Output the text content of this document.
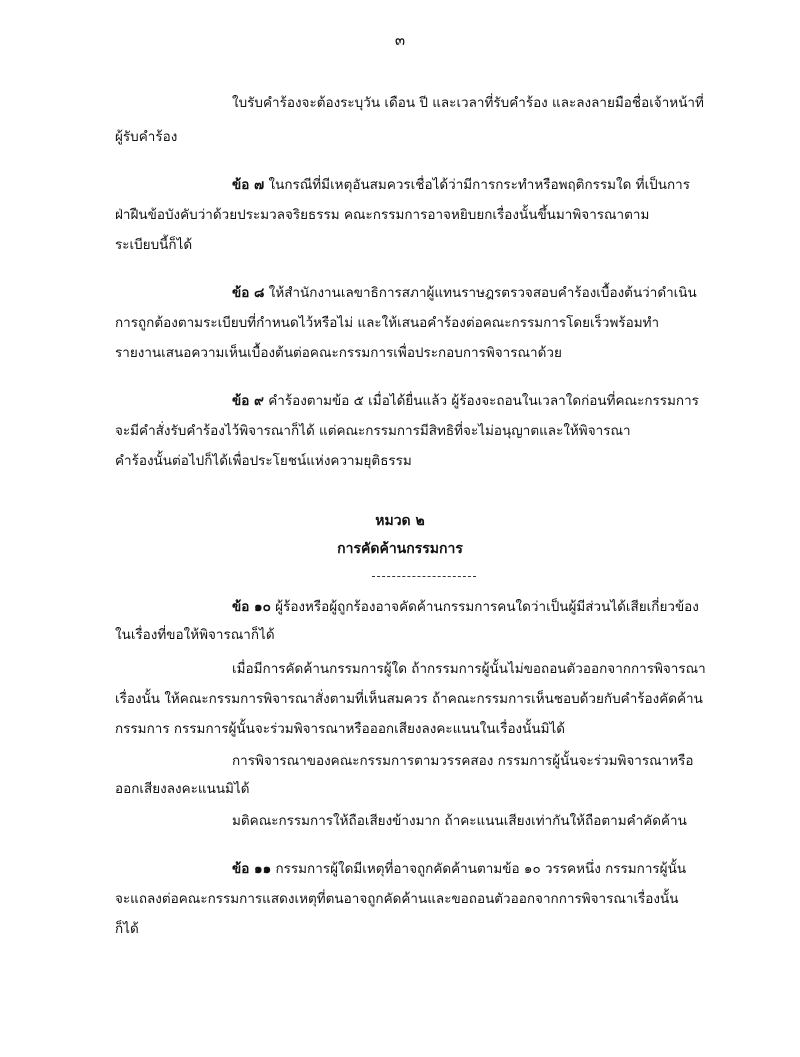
๓
ใบรับคำร้องจะต้องระบุวัน เดือน ปี และเวลาที่รับคำร้อง และลงลายมือชื่อเจ้าหน้าที่
ผู้รับคำร้อง
ข้อ ๗ ในกรณีที่มีเหตุอันสมควรเชื่อได้ว่ามีการกระทำหรือพฤติกรรมใด ที่เป็นการ
ฝ่าฝืนข้อบังคับว่าด้วยประมวลจริยธรรม คณะกรรมการอาจหยิบยกเรื่องนั้นขึ้นมาพิจารณาตาม
ระเบียบนี้ก็ได้
ข้อ ๘ ให้สำนักงานเลขาธิการสภาผู้แทนราษฎรตรวจสอบคำร้องเบื้องต้นว่าดำเนิน
การถูกต้องตามระเบียบที่กำหนดไว้หรือไม่ และให้เสนอคำร้องต่อคณะกรรมการโดยเร็วพร้อมทำ
รายงานเสนอความเห็นเบื้องต้นต่อคณะกรรมการเพื่อประกอบการพิจารณาด้วย
ข้อ ๙ คำร้องตามข้อ ๕ เมื่อได้ยื่นแล้ว ผู้ร้องจะถอนในเวลาใดก่อนที่คณะกรรมการ
จะมีคำสั่งรับคำร้องไว้พิจารณาก็ได้ แต่คณะกรรมการมีสิทธิที่จะไม่อนุญาตและให้พิจารณา
คำร้องนั้นต่อไปก็ได้เพื่อประโยชน์แห่งความยุติธรรม
หมวด ๒
การคัดค้านกรรมการ
ข้อ ๑๐ ผู้ร้องหรือผู้ถูกร้องอาจคัดค้านกรรมการคนใดว่าเป็นผู้มีส่วนได้เสียเกี่ยวข้อง
ในเรื่องที่ขอให้พิจารณาก็ได้
เมื่อมีการคัดค้านกรรมการผู้ใด ถ้ากรรมการผู้นั้นไม่ขอถอนตัวออกจากการพิจารณา
เรื่องนั้น ให้คณะกรรมการพิจารณาสั่งตามที่เห็นสมควร ถ้าคณะกรรมการเห็นชอบด้วยกับคำร้องคัดค้าน
กรรมการ กรรมการผู้นั้นจะร่วมพิจารณาหรือออกเสียงลงคะแนนในเรื่องนั้นมิได้
การพิจารณาของคณะกรรมการตามวรรคสอง กรรมการผู้นั้นจะร่วมพิจารณาหรือ
ออกเสียงลงคะแนนมิได้
มติคณะกรรมการให้ถือเสียงข้างมาก ถ้าคะแนนเสียงเท่ากันให้ถือตามคำคัดค้าน
ข้อ ๑๑ กรรมการผู้ใดมีเหตุที่อาจถูกคัดค้านตามข้อ ๑๐ วรรคหนึ่ง กรรมการผู้นั้น
จะแถลงต่อคณะกรรมการแสดงเหตุที่ตนอาจถูกคัดค้านและขอถอนตัวออกจากการพิจารณาเรื่องนั้น
ก็ได้
